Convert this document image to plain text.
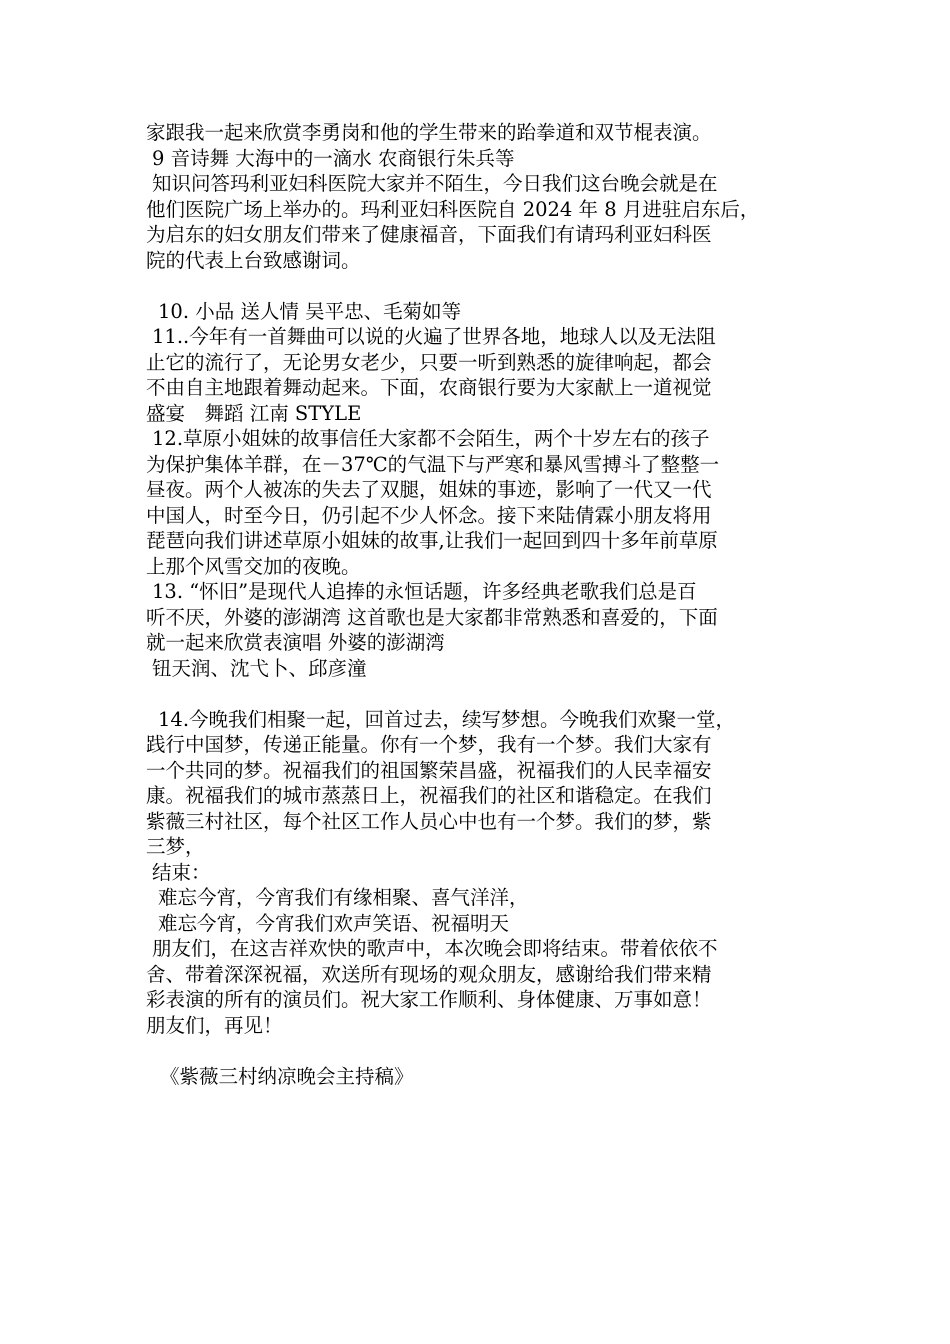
家跟我一起来欣赏李勇岗和他的学生带来的跆拳道和双节棍表演。
9 音诗舞 大海中的一滴水 农商银行朱兵等
知识问答玛利亚妇科医院大家并不陌生，今日我们这台晚会就是在
他们医院广场上举办的。玛利亚妇科医院自 2024 年 8 月进驻启东后，
为启东的妇女朋友们带来了健康福音，下面我们有请玛利亚妇科医
院的代表上台致感谢词。
10. 小品 送人情 吴平忠、毛菊如等
11..今年有一首舞曲可以说的火遍了世界各地，地球人以及无法阻
止它的流行了，无论男女老少，只要一听到熟悉的旋律响起，都会
不由自主地跟着舞动起来。下面，农商银行要为大家献上一道视觉
盛宴　舞蹈 江南 STYLE
12.草原小姐妹的故事信任大家都不会陌生，两个十岁左右的孩子
为保护集体羊群，在－37℃的气温下与严寒和暴风雪搏斗了整整一
昼夜。两个人被冻的失去了双腿，姐妹的事迹，影响了一代又一代
中国人，时至今日，仍引起不少人怀念。接下来陆倩霖小朋友将用
琵琶向我们讲述草原小姐妹的故事,让我们一起回到四十多年前草原
上那个风雪交加的夜晚。
13. “怀旧”是现代人追捧的永恒话题，许多经典老歌我们总是百
听不厌，外婆的澎湖湾 这首歌也是大家都非常熟悉和喜爱的，下面
就一起来欣赏表演唱 外婆的澎湖湾
钮天润、沈弋卜、邱彦潼
14.今晚我们相聚一起，回首过去，续写梦想。今晚我们欢聚一堂，
践行中国梦，传递正能量。你有一个梦，我有一个梦。我们大家有
一个共同的梦。祝福我们的祖国繁荣昌盛，祝福我们的人民幸福安
康。祝福我们的城市蒸蒸日上，祝福我们的社区和谐稳定。在我们
紫薇三村社区，每个社区工作人员心中也有一个梦。我们的梦，紫
三梦，
结束：
难忘今宵，今宵我们有缘相聚、喜气洋洋，
难忘今宵，今宵我们欢声笑语、祝福明天
朋友们，在这吉祥欢快的歌声中，本次晚会即将结束。带着依依不
舍、带着深深祝福，欢送所有现场的观众朋友，感谢给我们带来精
彩表演的所有的演员们。祝大家工作顺利、身体健康、万事如意！
朋友们，再见！
《紫薇三村纳凉晚会主持稿》
